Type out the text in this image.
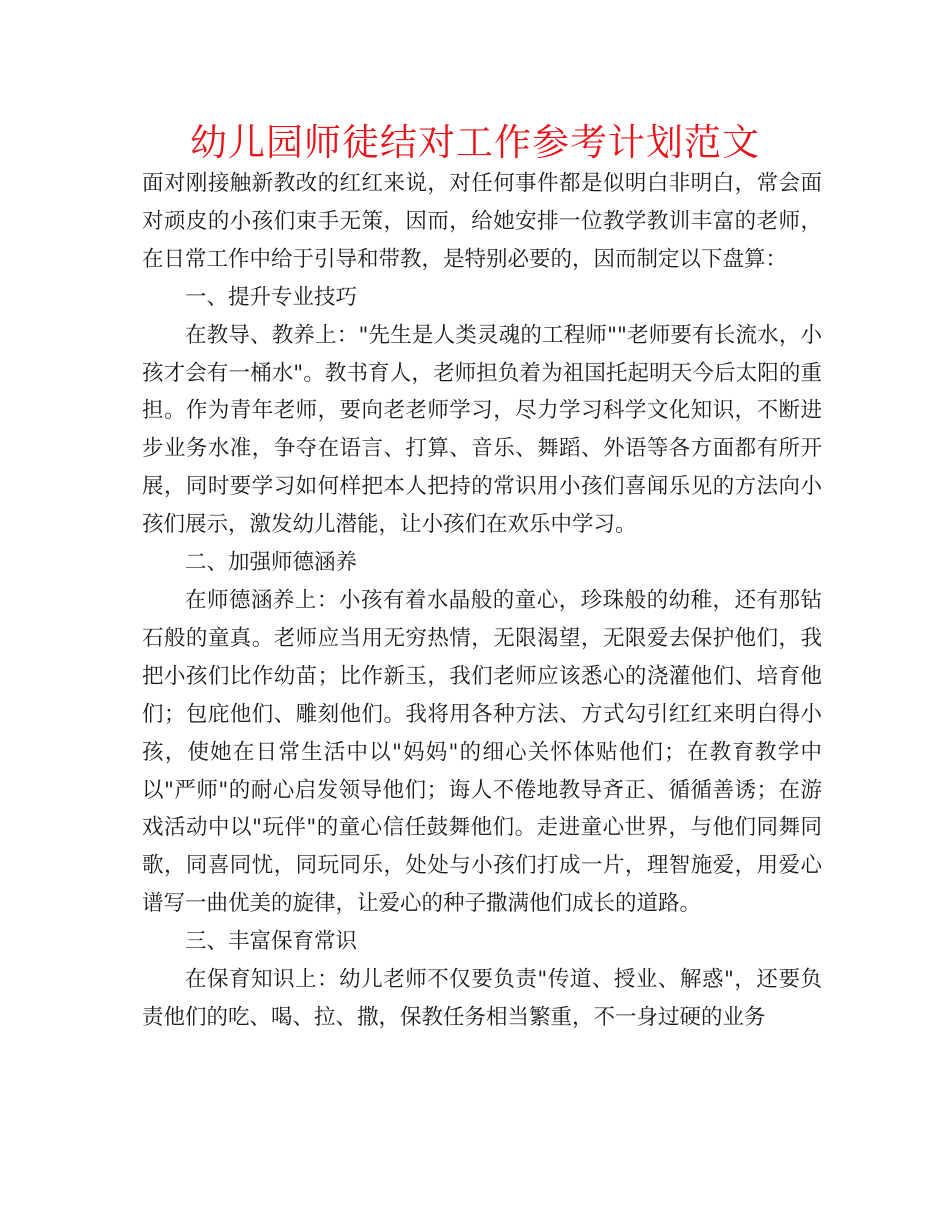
幼儿园师徒结对工作参考计划范文

面对刚接触新教改的红红来说，对任何事件都是似明白非明白，常会面对顽皮的小孩们束手无策，因而，给她安排一位教学教训丰富的老师，在日常工作中给于引导和带教，是特别必要的，因而制定以下盘算：

一、提升专业技巧

在教导、教养上："先生是人类灵魂的工程师""老师要有长流水，小孩才会有一桶水"。教书育人，老师担负着为祖国托起明天今后太阳的重担。作为青年老师，要向老老师学习，尽力学习科学文化知识，不断进步业务水准，争夺在语言、打算、音乐、舞蹈、外语等各方面都有所开展，同时要学习如何样把本人把持的常识用小孩们喜闻乐见的方法向小孩们展示，激发幼儿潜能，让小孩们在欢乐中学习。

二、加强师德涵养

在师德涵养上：小孩有着水晶般的童心，珍珠般的幼稚，还有那钻石般的童真。老师应当用无穷热情，无限渴望，无限爱去保护他们，我把小孩们比作幼苗；比作新玉，我们老师应该悉心的浇灌他们、培育他们；包庇他们、雕刻他们。我将用各种方法、方式勾引红红来明白得小孩，使她在日常生活中以"妈妈"的细心关怀体贴他们；在教育教学中以"严师"的耐心启发领导他们；诲人不倦地教导斉正、循循善诱；在游戏活动中以"玩伴"的童心信任鼓舞他们。走进童心世界，与他们同舞同歌，同喜同忧，同玩同乐，处处与小孩们打成一片，理智施爱，用爱心谱写一曲优美的旋律，让爱心的种子撒满他们成长的道路。

三、丰富保育常识

在保育知识上：幼儿老师不仅要负责"传道、授业、解惑"，还要负责他们的吃、喝、拉、撒，保教任务相当繁重，不一身过硬的业务
